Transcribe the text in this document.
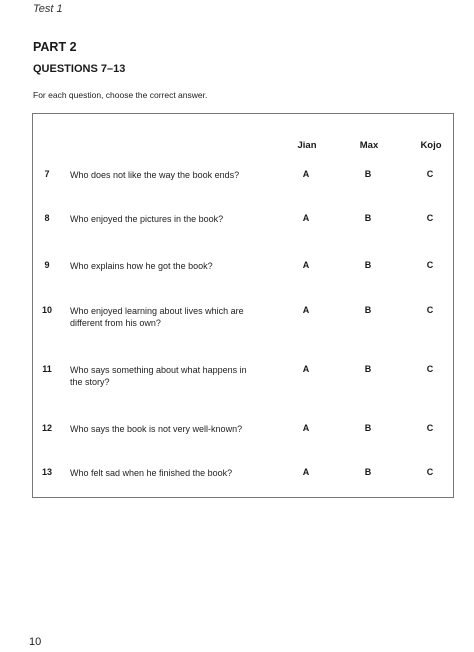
Test 1
PART 2
QUESTIONS 7–13
For each question, choose the correct answer.
Jian	Max	Kojo
7	Who does not like the way the book ends?	A	B	C
8	Who enjoyed the pictures in the book?	A	B	C
9	Who explains how he got the book?	A	B	C
10	Who enjoyed learning about lives which are
different from his own?
A	B	C
11	Who says something about what happens in
the story?
A	B	C
12	Who says the book is not very well-known?	A	B	C
13	Who felt sad when he finished the book?	A	B	C
10
